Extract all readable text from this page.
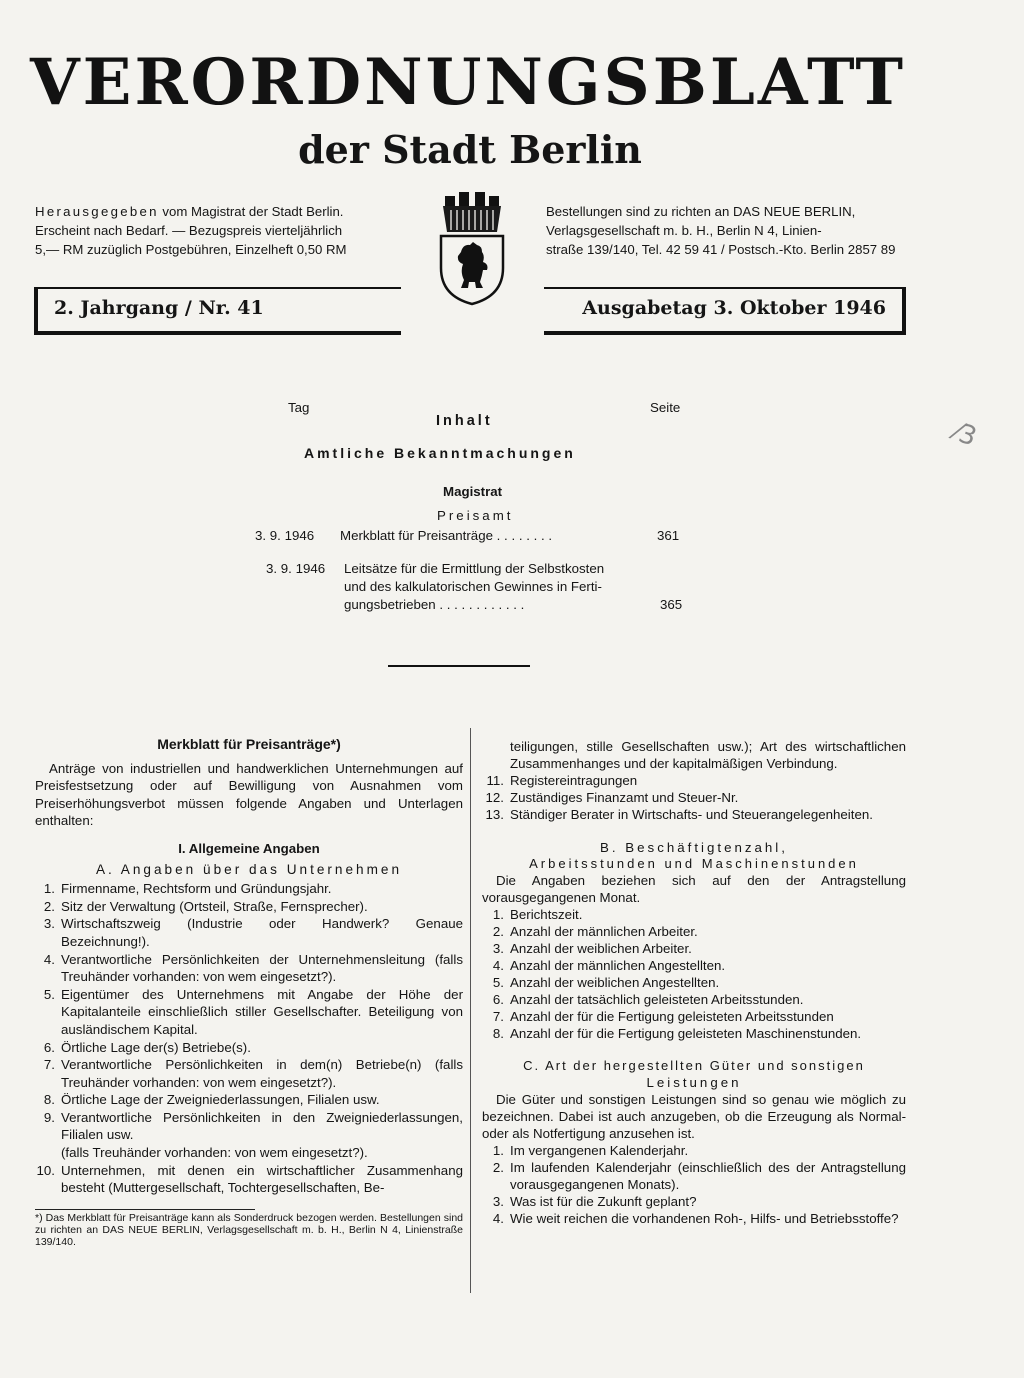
VERORDNUNGSBLATT
der Stadt Berlin
Herausgegeben vom Magistrat der Stadt Berlin.
Erscheint nach Bedarf. — Bezugspreis vierteljährlich
5,— RM zuzüglich Postgebühren, Einzelheft 0,50 RM
Bestellungen sind zu richten an DAS NEUE BERLIN,
Verlagsgesellschaft m. b. H., Berlin N 4, Linien-
straße 139/140, Tel. 42 59 41 / Postsch.-Kto. Berlin 2857 89
2. Jahrgang / Nr. 41	Ausgabetag 3. Oktober 1946
Tag	Seite
Inhalt
Amtliche Bekanntmachungen
Magistrat
Preisamt
3. 9. 1946 Merkblatt für Preisanträge . . . . . . . .	361
3. 9. 1946 Leitsätze für die Ermittlung der Selbstkosten
und des kalkulatorischen Gewinnes in Ferti-
gungsbetrieben . . . . . . . . . . . .	365
Merkblatt für Preisanträge*)

Anträge von industriellen und handwerklichen Unternehmungen auf Preisfestsetzung oder auf Bewilligung von Ausnahmen vom Preiserhöhungsverbot müssen folgende Angaben und Unterlagen enthalten:

I. Allgemeine Angaben
A. Angaben über das Unternehmen
1. Firmenname, Rechtsform und Gründungsjahr.
2. Sitz der Verwaltung (Ortsteil, Straße, Fernsprecher).
3. Wirtschaftszweig (Industrie oder Handwerk? Genaue Bezeichnung!).
4. Verantwortliche Persönlichkeiten der Unternehmensleitung (falls Treuhänder vorhanden: von wem eingesetzt?).
5. Eigentümer des Unternehmens mit Angabe der Höhe der Kapitalanteile einschließlich stiller Gesellschafter. Beteiligung von ausländischem Kapital.
6. Örtliche Lage der(s) Betriebe(s).
7. Verantwortliche Persönlichkeiten in dem(n) Betriebe(n) (falls Treuhänder vorhanden: von wem eingesetzt?).
8. Örtliche Lage der Zweigniederlassungen, Filialen usw.
9. Verantwortliche Persönlichkeiten in den Zweigniederlassungen, Filialen usw.
(falls Treuhänder vorhanden: von wem eingesetzt?).
10. Unternehmen, mit denen ein wirtschaftlicher Zusammenhang besteht (Muttergesellschaft, Tochtergesellschaften, Be-
*) Das Merkblatt für Preisanträge kann als Sonderdruck bezogen werden. Bestellungen sind zu richten an DAS NEUE BERLIN, Verlagsgesellschaft m. b. H., Berlin N 4, Linienstraße 139/140.
teiligungen, stille Gesellschaften usw.); Art des wirtschaftlichen Zusammenhanges und der kapitalmäßigen Verbindung.
11. Registereintragungen
12. Zuständiges Finanzamt und Steuer-Nr.
13. Ständiger Berater in Wirtschafts- und Steuerangelegenheiten.
B. Beschäftigtenzahl,
Arbeitsstunden und Maschinenstunden

Die Angaben beziehen sich auf den der Antragstellung vorausgegangenen Monat.

1. Berichtszeit.
2. Anzahl der männlichen Arbeiter.
3. Anzahl der weiblichen Arbeiter.
4. Anzahl der männlichen Angestellten.
5. Anzahl der weiblichen Angestellten.
6. Anzahl der tatsächlich geleisteten Arbeitsstunden.
7. Anzahl der für die Fertigung geleisteten Arbeitsstunden
8. Anzahl der für die Fertigung geleisteten Maschinenstunden.
C. Art der hergestellten Güter und sonstigen
Leistungen

Die Güter und sonstigen Leistungen sind so genau wie möglich zu bezeichnen. Dabei ist auch anzugeben, ob die Erzeugung als Normal- oder als Notfertigung anzusehen ist.

1. Im vergangenen Kalenderjahr.
2. Im laufenden Kalenderjahr (einschließlich des der Antragstellung vorausgegangenen Monats).
3. Was ist für die Zukunft geplant?
4. Wie weit reichen die vorhandenen Roh-, Hilfs- und Betriebsstoffe?
⁄3
